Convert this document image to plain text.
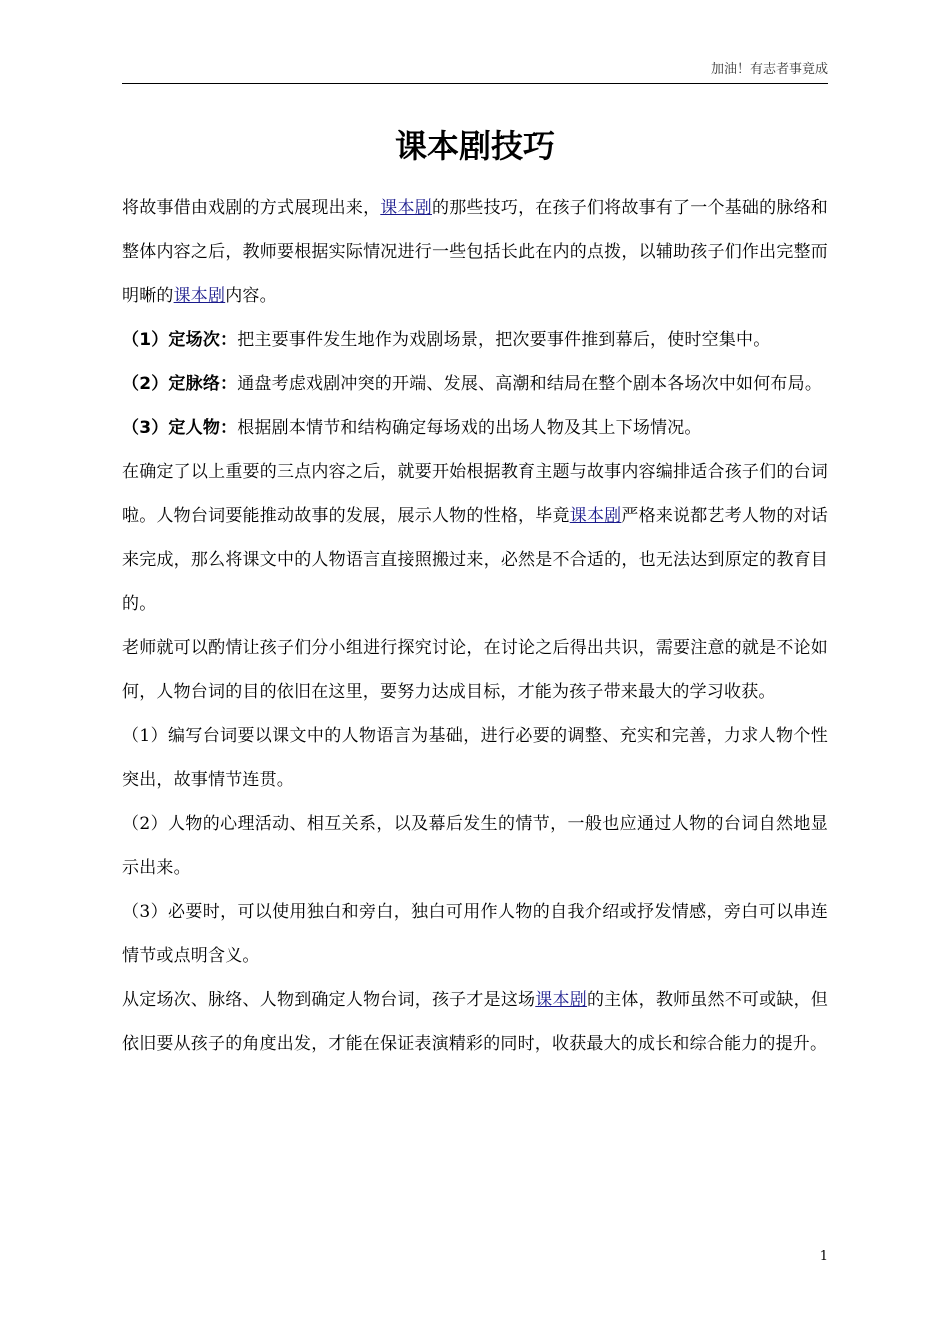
加油！有志者事竟成
课本剧技巧

将故事借由戏剧的方式展现出来，课本剧的那些技巧，在孩子们将故事有了一个基础的脉络和整体内容之后，教师要根据实际情况进行一些包括长此在内的点拨，以辅助孩子们作出完整而明晰的课本剧内容。

（1）定场次：把主要事件发生地作为戏剧场景，把次要事件推到幕后，使时空集中。

（2）定脉络：通盘考虑戏剧冲突的开端、发展、高潮和结局在整个剧本各场次中如何布局。

（3）定人物：根据剧本情节和结构确定每场戏的出场人物及其上下场情况。

在确定了以上重要的三点内容之后，就要开始根据教育主题与故事内容编排适合孩子们的台词啦。人物台词要能推动故事的发展，展示人物的性格，毕竟课本剧严格来说都艺考人物的对话来完成，那么将课文中的人物语言直接照搬过来，必然是不合适的，也无法达到原定的教育目的。

老师就可以酌情让孩子们分小组进行探究讨论，在讨论之后得出共识，需要注意的就是不论如何，人物台词的目的依旧在这里，要努力达成目标，才能为孩子带来最大的学习收获。

（1）编写台词要以课文中的人物语言为基础，进行必要的调整、充实和完善，力求人物个性突出，故事情节连贯。

（2）人物的心理活动、相互关系，以及幕后发生的情节，一般也应通过人物的台词自然地显示出来。

（3）必要时，可以使用独白和旁白，独白可用作人物的自我介绍或抒发情感，旁白可以串连情节或点明含义。

从定场次、脉络、人物到确定人物台词，孩子才是这场课本剧的主体，教师虽然不可或缺，但依旧要从孩子的角度出发，才能在保证表演精彩的同时，收获最大的成长和综合能力的提升。

1
